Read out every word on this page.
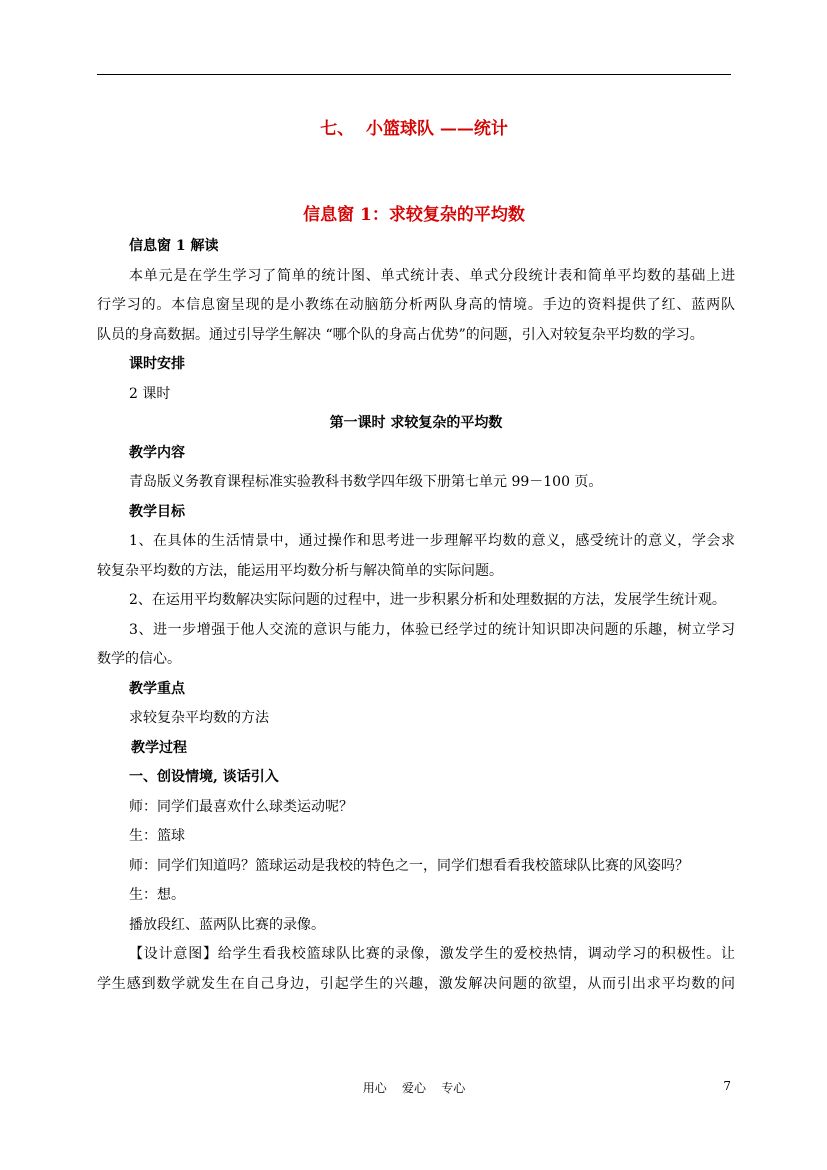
七、  小篮球队 ——统计
信息窗 1：求较复杂的平均数

信息窗 1 解读

本单元是在学生学习了简单的统计图、单式统计表、单式分段统计表和简单平均数的基础上进

行学习的。本信息窗呈现的是小教练在动脑筋分析两队身高的情境。手边的资料提供了红、蓝两队

队员的身高数据。通过引导学生解决 “哪个队的身高占优势”的问题，引入对较复杂平均数的学习。

课时安排

2 课时

第一课时 求较复杂的平均数

教学内容

青岛版义务教育课程标准实验教科书数学四年级下册第七单元 99－100 页。

教学目标

1、在具体的生活情景中，通过操作和思考进一步理解平均数的意义，感受统计的意义，学会求

较复杂平均数的方法，能运用平均数分析与解决简单的实际问题。

2、在运用平均数解决实际问题的过程中，进一步积累分析和处理数据的方法，发展学生统计观。

3、进一步增强于他人交流的意识与能力，体验已经学过的统计知识即决问题的乐趣，树立学习

数学的信心。

教学重点

求较复杂平均数的方法

教学过程

一、创设情境, 谈话引入

师：同学们最喜欢什么球类运动呢？

生：篮球

师：同学们知道吗？篮球运动是我校的特色之一，同学们想看看我校篮球队比赛的风姿吗？

生：想。

播放段红、蓝两队比赛的录像。

【设计意图】给学生看我校篮球队比赛的录像，激发学生的爱校热情，调动学习的积极性。让

学生感到数学就发生在自己身边，引起学生的兴趣，激发解决问题的欲望，从而引出求平均数的问

用心    爱心    专心	7
